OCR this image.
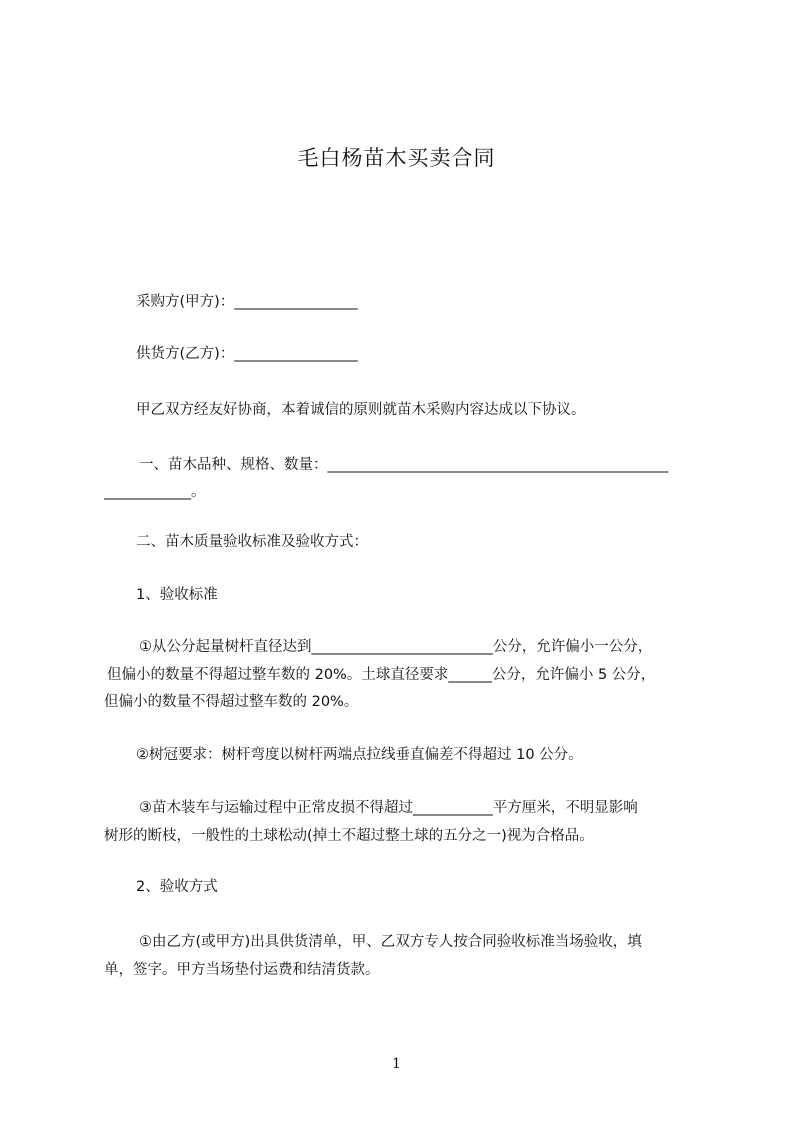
毛白杨苗木买卖合同
采购方(甲方)：_________________
供货方(乙方)：_________________
甲乙双方经友好协商，本着诚信的原则就苗木采购内容达成以下协议。
一、苗木品种、规格、数量：_______________________________________________
____________。
二、苗木质量验收标准及验收方式：
1、验收标准
①从公分起量树杆直径达到_________________________公分，允许偏小一公分，
但偏小的数量不得超过整车数的 20%。土球直径要求______公分，允许偏小 5 公分，
但偏小的数量不得超过整车数的 20%。
②树冠要求：树杆弯度以树杆两端点拉线垂直偏差不得超过 10 公分。
③苗木装车与运输过程中正常皮损不得超过___________平方厘米，不明显影响
树形的断枝，一般性的土球松动(掉土不超过整土球的五分之一)视为合格品。
2、验收方式
①由乙方(或甲方)出具供货清单，甲、乙双方专人按合同验收标准当场验收，填
单，签字。甲方当场垫付运费和结清货款。
1
